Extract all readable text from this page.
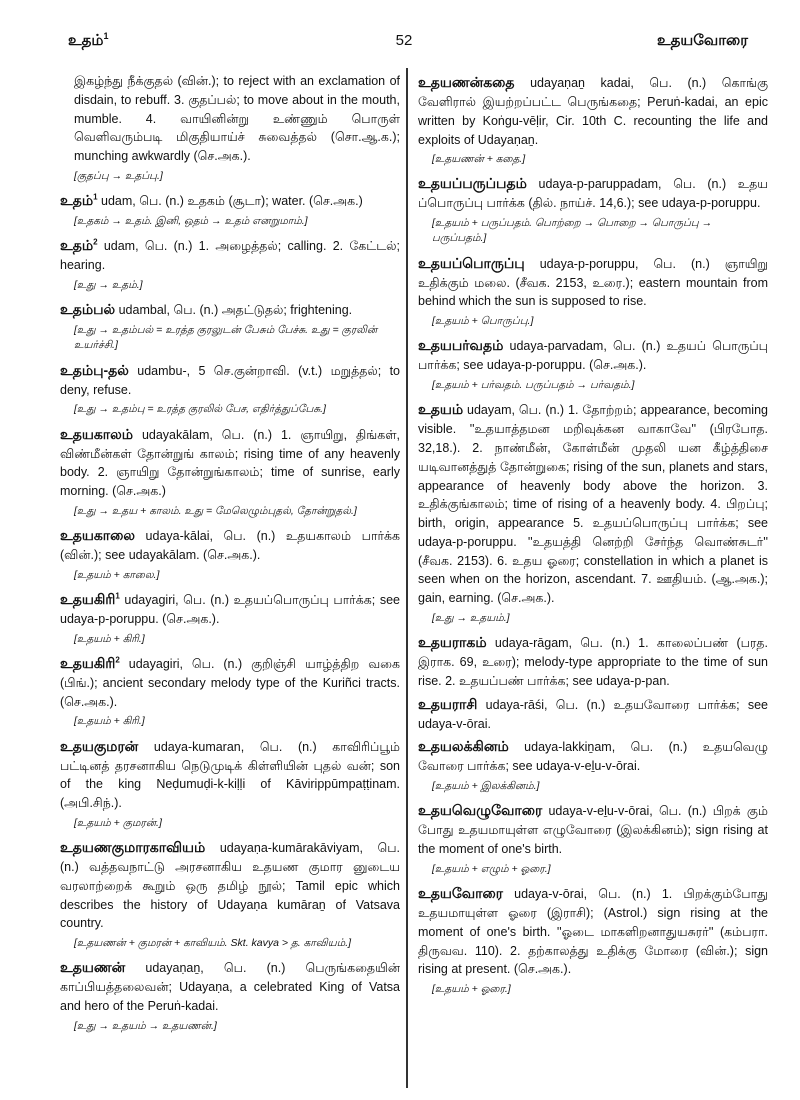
உதம்$^1$	52	உதயவோரை
இகழ்ந்து நீக்குதல் (வின்.); to reject with an exclamation of disdain, to rebuff. 3. குதப்பல்; to move about in the mouth, mumble. 4. வாயினின்று உண்ணும் பொருள் வெளிவரும்படி மிகுதியாய்ச் சுவைத்தல் (சொ.ஆ.க.); munching awkwardly (செ.அக.).
[குதப்பு → உதப்பு.]
உதம்$^1$ udam, பெ. (n.) உதகம் (சூடா); water. (செ.அக.)
[உதகம் → உதம். இனி, ஒதம் → உதம் எனறுமாம்.]
உதம்$^2$ udam, பெ. (n.) 1. அழைத்தல்; calling. 2. கேட்டல்; hearing.
[உது → உதம்.]
உதம்பல் udambal, பெ. (n.) அதட்டுதல்; frightening.
[உது → உதம்பல் = உரத்த குரலுடன் பேசும் பேச்சு. உது = குரலின் உயர்ச்சி.]
உதம்பு-தல் udambu-, 5 செ.குன்றாவி. (v.t.) மறுத்தல்; to deny, refuse.
[உது → உதம்பு = உரத்த குரலில் பேச, எதிர்த்துப்பேசு.]
உதயகாலம் udayakālam, பெ. (n.) 1. ஞாயிறு, திங்கள், விண்மீன்கள் தோன்றுங் காலம்; rising time of any heavenly body. 2. ஞாயிறு தோன்றுங்காலம்; time of sunrise, early morning. (செ.அக.)
[உது → உதய + காலம். உது = மேலெழும்புதல், தோன்றுதல்.]
உதயகாலை udaya-kālai, பெ. (n.) உதயகாலம் பார்க்க (வின்.); see udayakālam. (செ.அக.).
[உதயம் + காலை.]
உதயகிரி$^1$ udayagiri, பெ. (n.) உதயப்பொருப்பு பார்க்க; see udaya-p-poruppu. (செ.அக.).
[உதயம் + கிரி.]
உதயகிரி$^2$ udayagiri, பெ. (n.) குறிஞ்சி யாழ்த்திற வகை (பிங்.); ancient secondary melody type of the Kuriñci tracts. (செ.அக.).
[உதயம் + கிரி.]
உதயகுமரன் udaya-kumaran, பெ. (n.) காவிரிப்பூம் பட்டினத் தரசனாகிய நெடுமுடிக் கிள்ளியின் புதல் வன்; son of the king Neḍumuḍi-k-kiḷḷi of Kāvirippūmpaṭṭinam. (அபி.சிந்.).
[உதயம் + குமரன்.]
உதயணகுமாரகாவியம் udayaṇa-kumārakāviyam, பெ. (n.) வத்தவநாட்டு அரசனாகிய உதயண குமார னுடைய வரலாற்றைக் கூறும் ஒரு தமிழ் நூல்; Tamil epic which describes the history of Udayaṇa kumāraṉ of Vatsava country.
[உதயணன் + குமரன் + காவியம். Skt. kavya > த. காவியம்.]
உதயணன் udayaṇaṉ, பெ. (n.) பெருங்கதையின் காப்பியத்தலைவன்; Udayaṇa, a celebrated King of Vatsa and hero of the Peruṅ-kadai.
[உது → உதயம் → உதயணன்.]
உதயணன்கதை udayaṇaṉ kadai, பெ. (n.) கொங்கு வேளிரால் இயற்றப்பட்ட பெருங்கதை; Peruṅ-kadai, an epic written by Koṅgu-vēḷir, Cir. 10th C. recounting the life and exploits of Udayaṇaṉ.
[உதயணன் + கதை.]
உதயப்பருப்பதம் udaya-p-paruppadam, பெ. (n.) உதய ப்பொருப்பு பார்க்க (தில். நாய்ச். 14,6.); see udaya-p-poruppu.
[உதயம் + பருப்பதம். பொற்றை → பொறை → பொருப்பு → பருப்பதம்.]
உதயப்பொருப்பு udaya-p-poruppu, பெ. (n.) ஞாயிறு உதிக்கும் மலை. (சீவக. 2153, உரை.); eastern mountain from behind which the sun is supposed to rise.
[உதயம் + பொருப்பு.]
உதயபர்வதம் udaya-parvadam, பெ. (n.) உதயப் பொருப்பு பார்க்க; see udaya-p-poruppu. (செ.அக.).
[உதயம் + பர்வதம். பருப்பதம் → பர்வதம்.]
உதயம் udayam, பெ. (n.) 1. தோற்றம்; appearance, becoming visible. ''உதயாத்தமன மறிவுக்கன வாகாவே'' (பிரபோத. 32,18.). 2. நாண்மீன், கோள்மீன் முதலி யன கீழ்த்திசை யடிவானத்துத் தோன்றுகை; rising of the sun, planets and stars, appearance of heavenly body above the horizon. 3. உதிக்குங்காலம்; time of rising of a heavenly body. 4. பிறப்பு; birth, origin, appearance 5. உதயப்பொருப்பு பார்க்க; see udaya-p-poruppu. ''உதயத்தி னெற்றி சேர்ந்த வொண்சுடர்'' (சீவக. 2153). 6. உதய ஓரை; constellation in which a planet is seen when on the horizon, ascendant. 7. ஊதியம். (ஆ.அக.); gain, earning. (செ.அக.).
[உது → உதயம்.]
உதயராகம் udaya-rāgam, பெ. (n.) 1. காலைப்பண் (பரத. இராக. 69, உரை); melody-type appropriate to the time of sun rise. 2. உதயப்பண் பார்க்க; see udaya-p-pan.
உதயராசி udaya-rāśi, பெ. (n.) உதயவோரை பார்க்க; see udaya-v-ōrai.
உதயலக்கினம் udaya-lakkiṉam, பெ. (n.) உதயவெழு வோரை பார்க்க; see udaya-v-eḻu-v-ōrai.
[உதயம் + இலக்கினம்.]
உதயவெழுவோரை udaya-v-eḻu-v-ōrai, பெ. (n.) பிறக் கும் போது உதயமாயுள்ள எழுவோரை (இலக்கினம்); sign rising at the moment of one's birth.
[உதயம் + எழும் + ஓரை.]
உதயவோரை udaya-v-ōrai, பெ. (n.) 1. பிறக்கும்போது உதயமாயுள்ள ஓரை (இராசி); (Astrol.) sign rising at the moment of one's birth. ''ஓடை மாகளிறனாதுயசுரர்'' (கம்பரா. திருவவ. 110). 2. தற்காலத்து உதிக்கு மோரை (வின்.); sign rising at present. (செ.அக.).
[உதயம் + ஓரை.]
